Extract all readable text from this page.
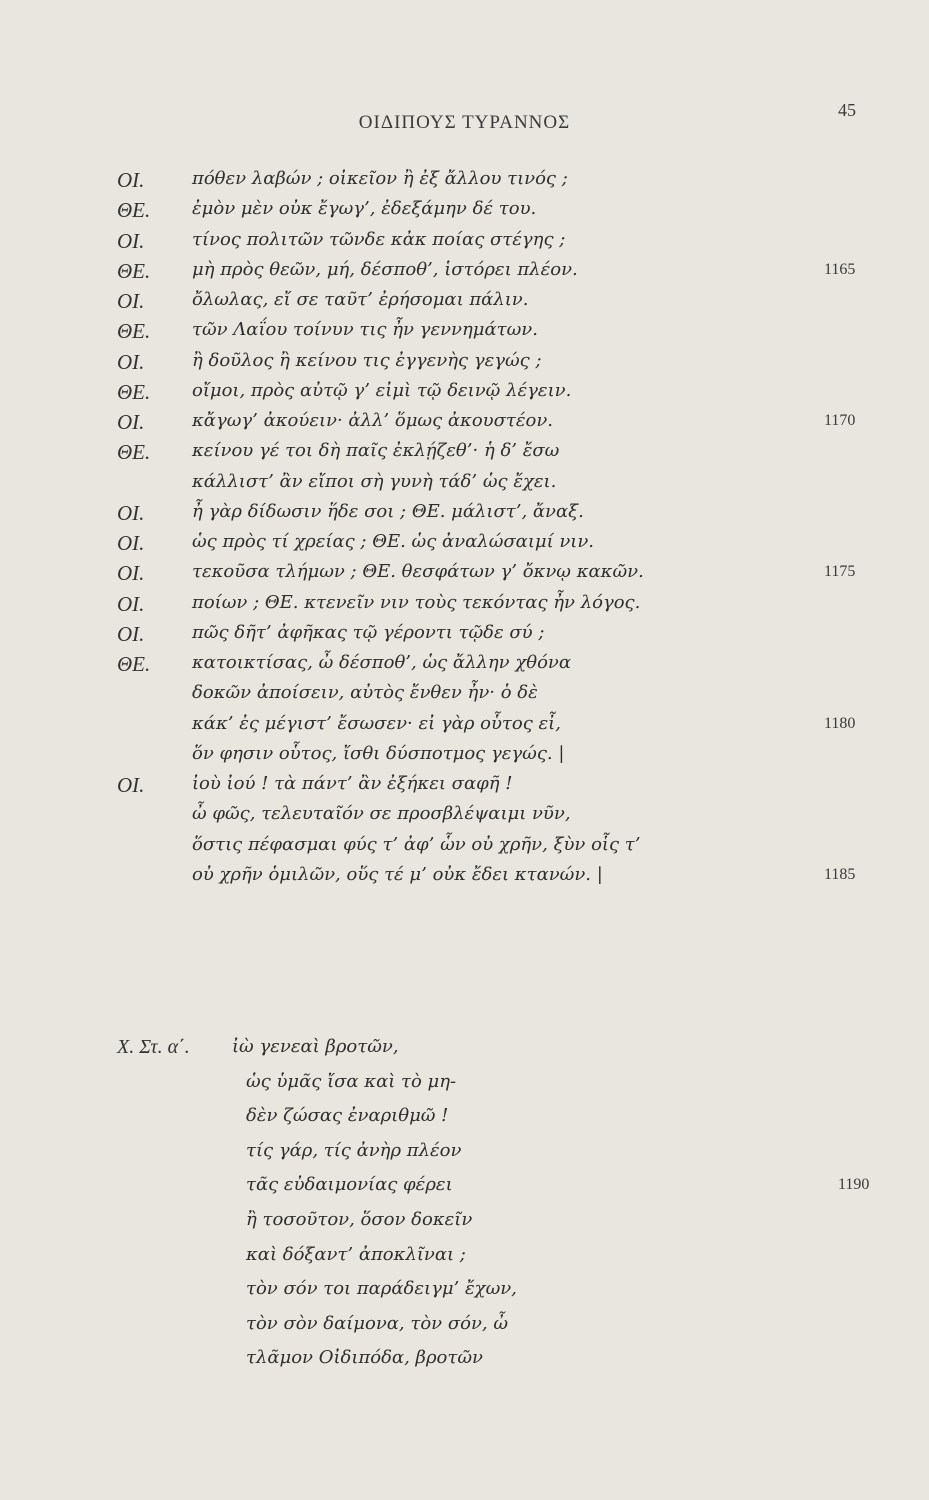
ΟΙΔΙΠΟΥΣ ΤΥΡΑΝΝΟΣ
45
ΟΙ.	πόθεν λαβών ; οἰκεῖον ἢ ἐξ ἄλλου τινός ;
ΘΕ. ἐμὸν μὲν οὐκ ἔγωγ’, ἐδεξάμην δέ του.
ΟΙ.	τίνος πολιτῶν τῶνδε κἀκ ποίας στέγης ;
ΘΕ. μὴ πρὸς θεῶν, μή, δέσποθ’, ἱστόρει πλέον.	1165
ΟΙ.	ὄλωλας, εἴ σε ταῦτ’ ἐρήσομαι πάλιν.
ΘΕ. τῶν Λαΐου τοίνυν τις ἦν γεννημάτων.
ΟΙ.	ἢ δοῦλος ἢ κείνου τις ἐγγενὴς γεγώς ;
ΘΕ. οἴμοι, πρὸς αὐτῷ γ’ εἰμὶ τῷ δεινῷ λέγειν.
ΟΙ.	κἄγωγ’ ἀκούειν· ἀλλ’ ὅμως ἀκουστέον.	1170
ΘΕ. κείνου γέ τοι δὴ παῖς ἐκλῄζεθ’· ἡ δ’ ἔσω
κάλλιστ’ ἂν εἴποι σὴ γυνὴ τάδ’ ὡς ἔχει.
ΟΙ.	ἦ γὰρ δίδωσιν ἥδε σοι ; ΘΕ. μάλιστ’, ἄναξ.
ΟΙ.	ὡς πρὸς τί χρείας ; ΘΕ. ὡς ἀναλώσαιμί νιν.
ΟΙ.	τεκοῦσα τλήμων ; ΘΕ. θεσφάτων γ’ ὄκνῳ κακῶν.	1175
ΟΙ.	ποίων ; ΘΕ. κτενεῖν νιν τοὺς τεκόντας ἦν λόγος.
ΟΙ.	πῶς δῆτ’ ἀφῆκας τῷ γέροντι τῷδε σύ ;
ΘΕ. κατοικτίσας, ὦ δέσποθ’, ὡς ἄλλην χθόνα
δοκῶν ἀποίσειν, αὐτὸς ἔνθεν ἦν· ὁ δὲ
κάκ’ ἐς μέγιστ’ ἔσωσεν· εἰ γὰρ οὗτος εἶ,	1180
ὅν φησιν οὗτος, ἴσθι δύσποτμος γεγώς. |
ΟΙ.	ἰοὺ ἰού ! τὰ πάντ’ ἂν ἐξήκει σαφῆ !
ὦ φῶς, τελευταῖόν σε προσβλέψαιμι νῦν,
ὅστις πέφασμαι φύς τ’ ἀφ’ ὧν οὐ χρῆν, ξὺν οἷς τ’
οὐ χρῆν ὁμιλῶν, οὕς τέ μ’ οὐκ ἔδει κτανών. |	1185
Χ. Στ. α΄. ἰὼ γενεαὶ βροτῶν,
ὡς ὑμᾶς ἴσα καὶ τὸ μη-
δὲν ζώσας ἐναριθμῶ !
τίς γάρ, τίς ἀνὴρ πλέον
τᾶς εὐδαιμονίας φέρει	1190
ἢ τοσοῦτον, ὅσον δοκεῖν
καὶ δόξαντ’ ἀποκλῖναι ;
τὸν σόν τοι παράδειγμ’ ἔχων,
τὸν σὸν δαίμονα, τὸν σόν, ὦ
τλᾶμον Οἰδιπόδα, βροτῶν
